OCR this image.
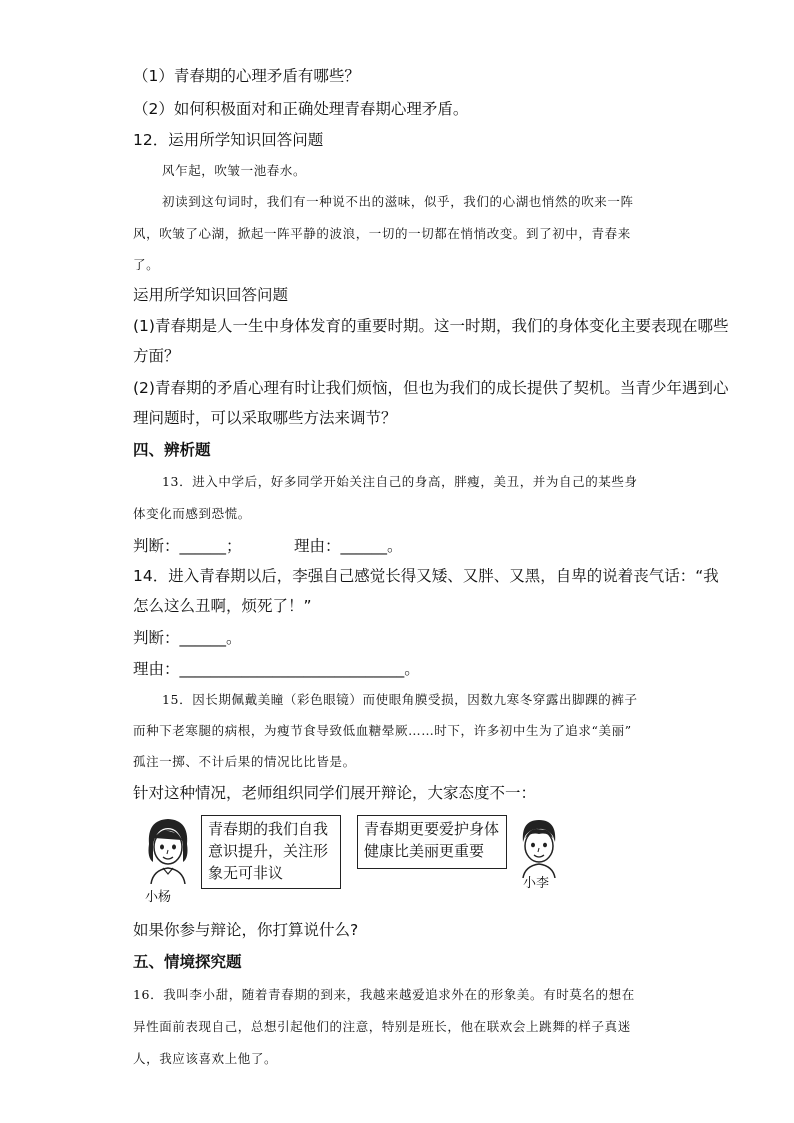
（1）青春期的心理矛盾有哪些？
（2）如何积极面对和正确处理青春期心理矛盾。
12．运用所学知识回答问题
风乍起，吹皱一池春水。
初读到这句词时，我们有一种说不出的滋味，似乎，我们的心湖也悄然的吹来一阵
风，吹皱了心湖，掀起一阵平静的波浪，一切的一切都在悄悄改变。到了初中，青春来
了。
运用所学知识回答问题
(1)青春期是人一生中身体发育的重要时期。这一时期，我们的身体变化主要表现在哪些
方面？
(2)青春期的矛盾心理有时让我们烦恼，但也为我们的成长提供了契机。当青少年遇到心
理问题时，可以采取哪些方法来调节？
四、辨析题
13．进入中学后，好多同学开始关注自己的身高，胖瘦，美丑，并为自己的某些身
体变化而感到恐慌。
判断：______；	理由：______。
14．进入青春期以后，李强自己感觉长得又矮、又胖、又黑，自卑的说着丧气话：“我
怎么这么丑啊，烦死了！”
判断：______。
理由：_____________________________。
15．因长期佩戴美瞳（彩色眼镜）而使眼角膜受损，因数九寒冬穿露出脚踝的裤子
而种下老寒腿的病根，为瘦节食导致低血糖晕厥……时下，许多初中生为了追求“美丽”
孤注一掷、不计后果的情况比比皆是。
针对这种情况，老师组织同学们展开辩论，大家态度不一：
小杨
青春期的我们自我
意识提升，关注形
象无可非议
青春期更要爱护身体
健康比美丽更重要
小李
如果你参与辩论，你打算说什么?
五、情境探究题
16．我叫李小甜，随着青春期的到来，我越来越爱追求外在的形象美。有时莫名的想在
异性面前表现自己，总想引起他们的注意，特别是班长，他在联欢会上跳舞的样子真迷
人，我应该喜欢上他了。
